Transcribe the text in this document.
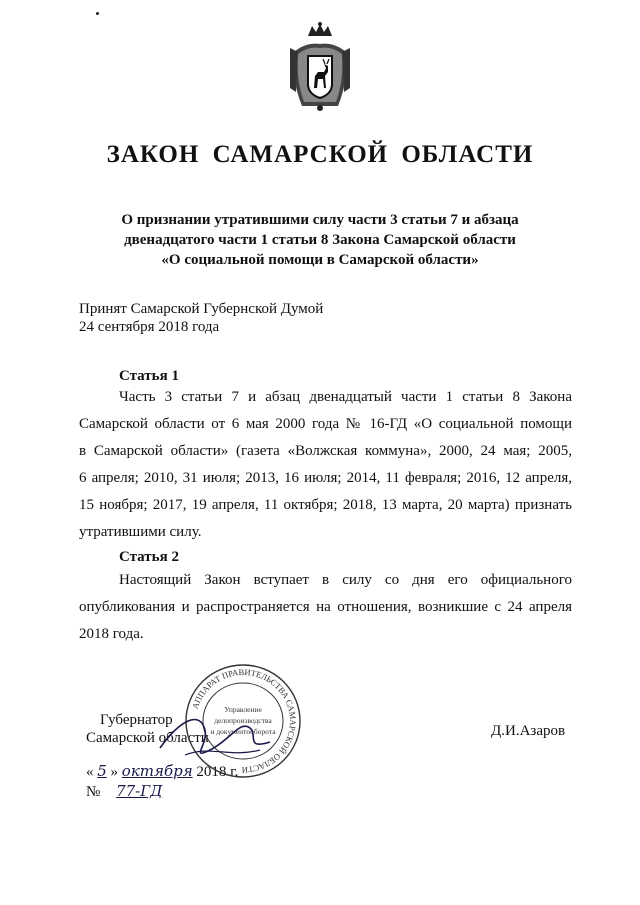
ЗАКОН САМАРСКОЙ ОБЛАСТИ
О признании утратившими силу части 3 статьи 7 и абзаца
двенадцатого части 1 статьи 8 Закона Самарской области
«О социальной помощи в Самарской области»
Принят Самарской Губернской Думой
24 сентября 2018 года
Статья 1
Часть 3 статьи 7 и абзац двенадцатый части 1 статьи 8 Закона
Самарской области от 6 мая 2000 года № 16-ГД «О социальной помощи
в Самарской области» (газета «Волжская коммуна», 2000, 24 мая; 2005,
6 апреля; 2010, 31 июля; 2013, 16 июля; 2014, 11 февраля; 2016, 12 апреля,
15 ноября; 2017, 19 апреля, 11 октября; 2018, 13 марта, 20 марта) признать
утратившими силу.
Статья 2
Настоящий Закон вступает в силу со дня его официального
опубликования и распространяется на отношения, возникшие с 24 апреля
2018 года.
Губернатор
Самарской области	Д.И.Азаров
« 5 » октября 2018 г.
№ 77-ГД
АППАРАТ ПРАВИТЕЛЬСТВА САМАРСКОЙ ОБЛАСТИ
Управление
делопроизводства
и документооборота
